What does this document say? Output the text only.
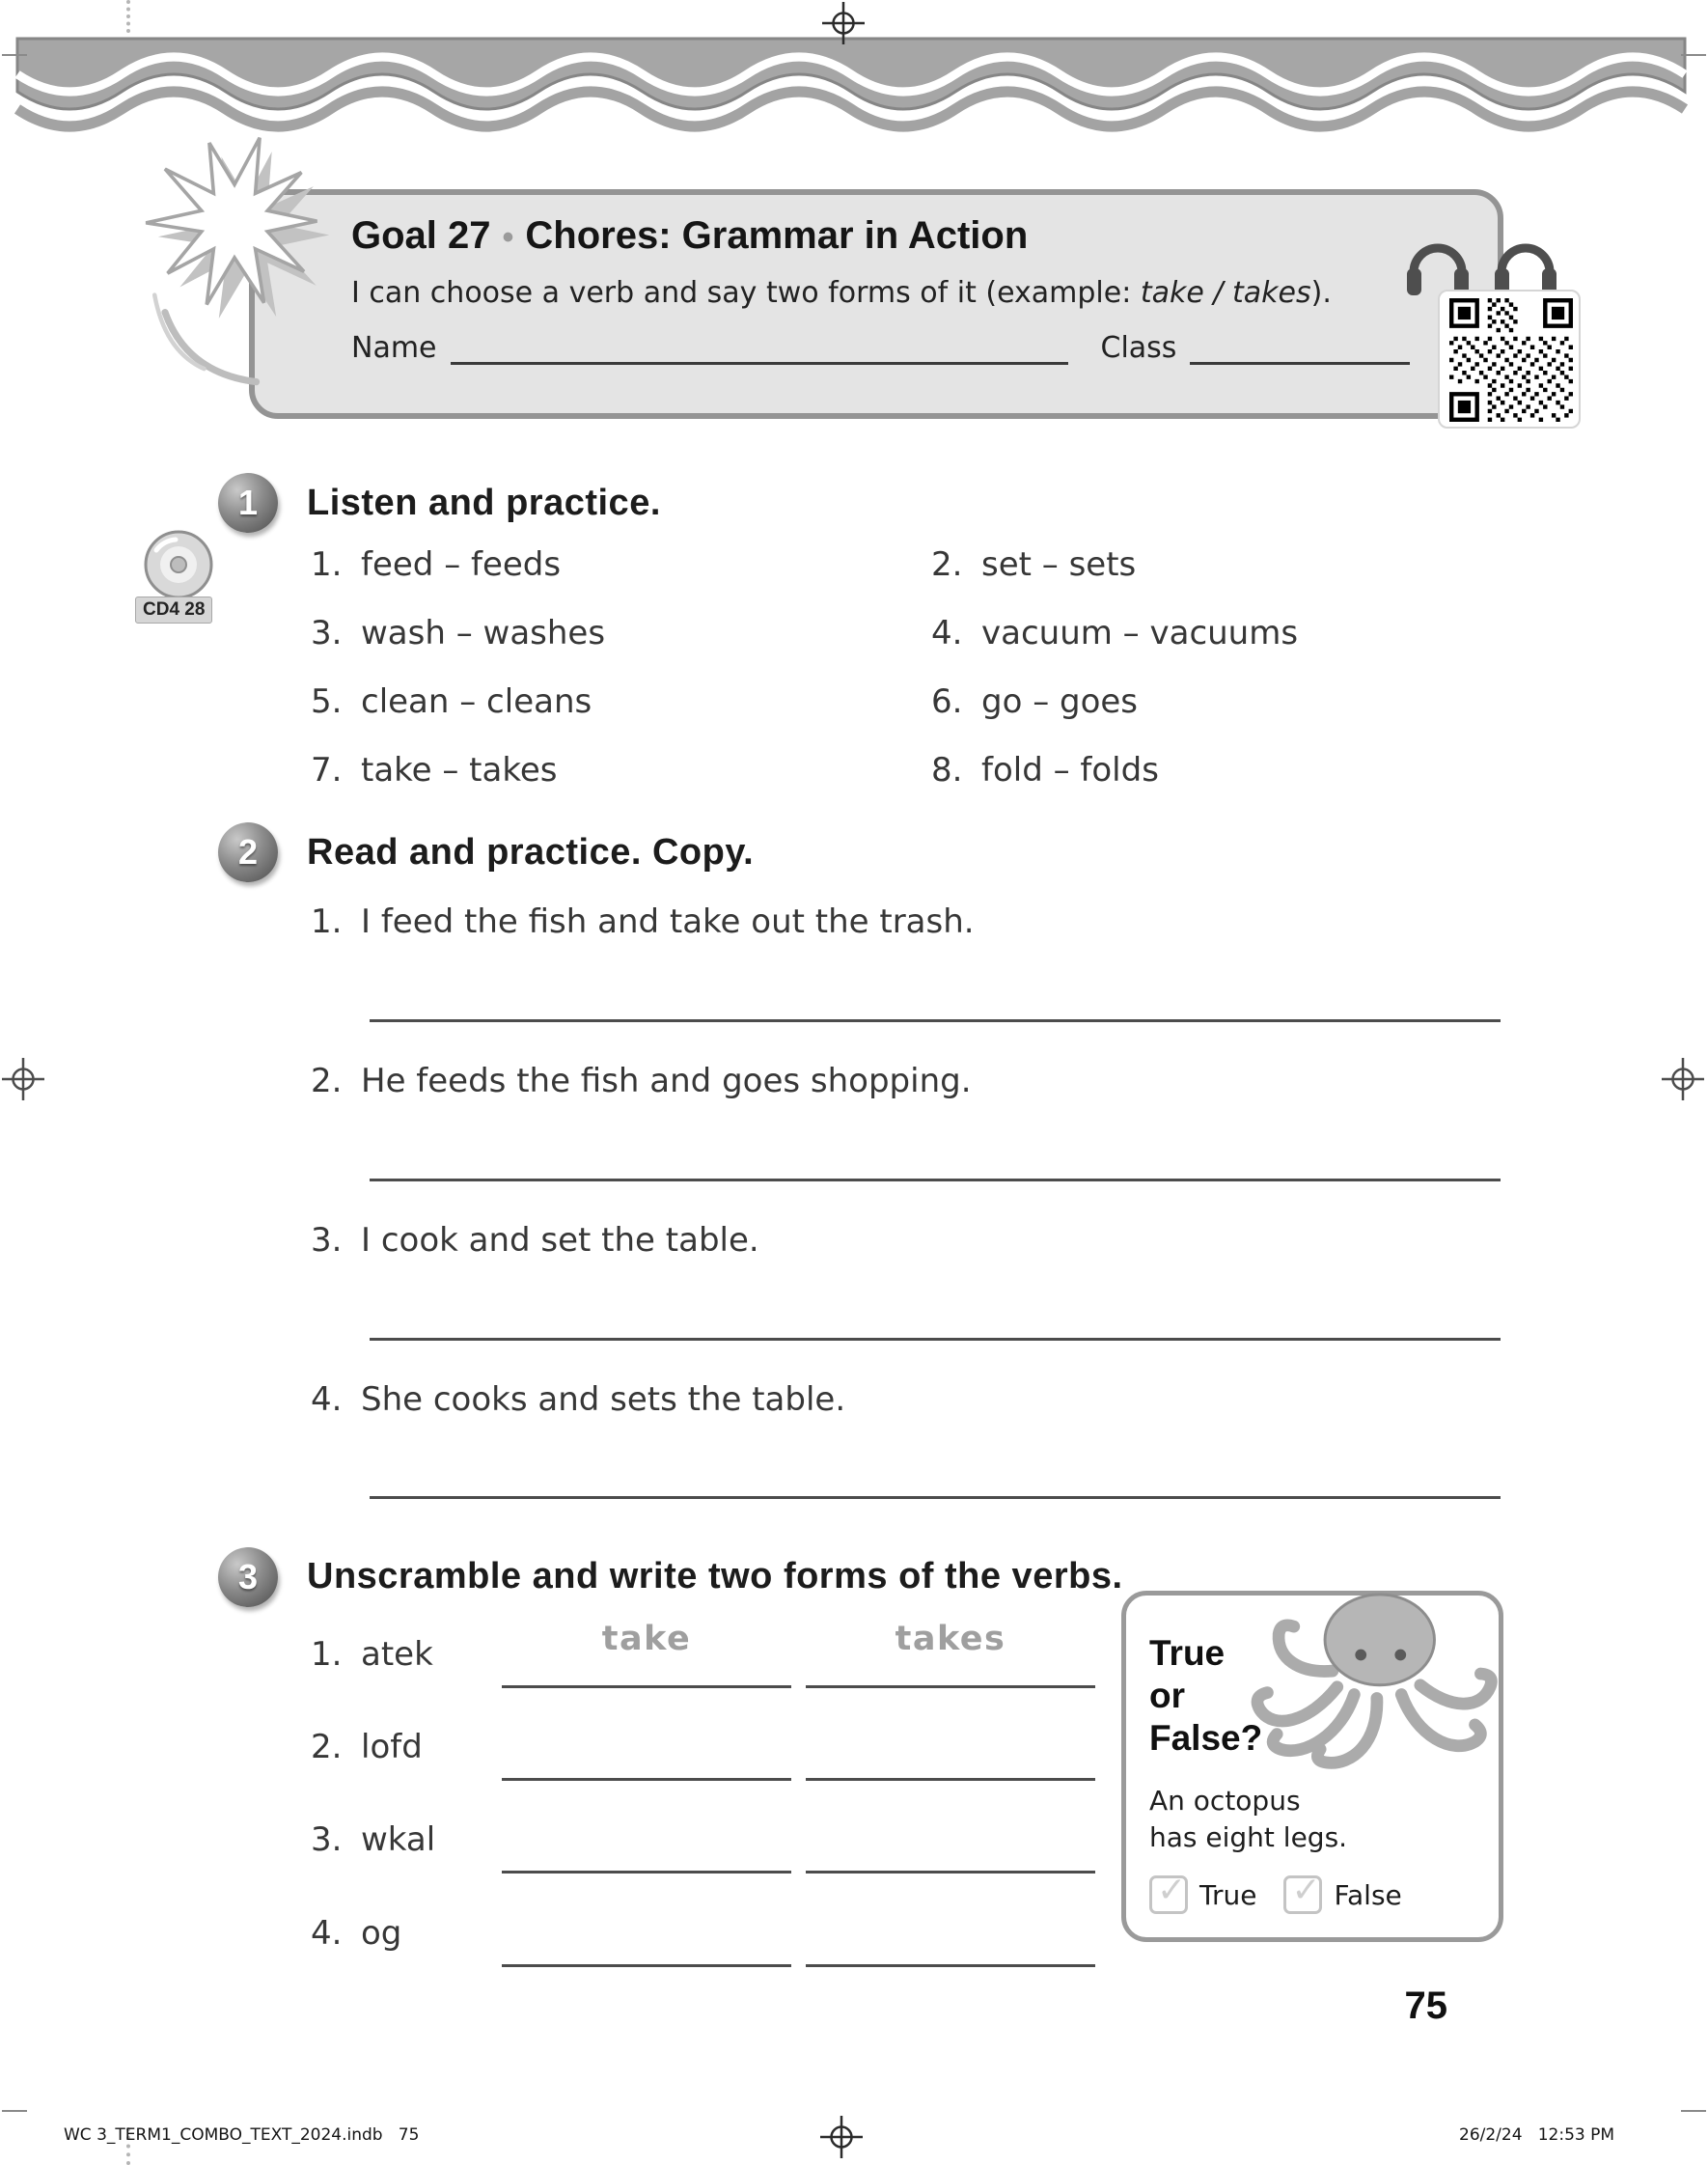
Goal 27 • Chores: Grammar in Action
I can choose a verb and say two forms of it (example: take / takes).
Name	Class
1	Listen and practice.
CD4 28
1. feed – feeds
3. wash – washes
5. clean – cleans
7. take – takes
2. set – sets
4. vacuum – vacuums
6. go – goes
8. fold – folds
2	Read and practice. Copy.
1. I feed the fish and take out the trash.
2. He feeds the fish and goes shopping.
3. I cook and set the table.
4. She cooks and sets the table.
3	Unscramble and write two forms of the verbs.
1. atek	take	takes
2. lofd
3. wkal
4. og
True
or
False?
An octopus
has eight legs.
✓ True ✓ False
75
WC 3_TERM1_COMBO_TEXT_2024.indb   75	26/2/24   12:53 PM
